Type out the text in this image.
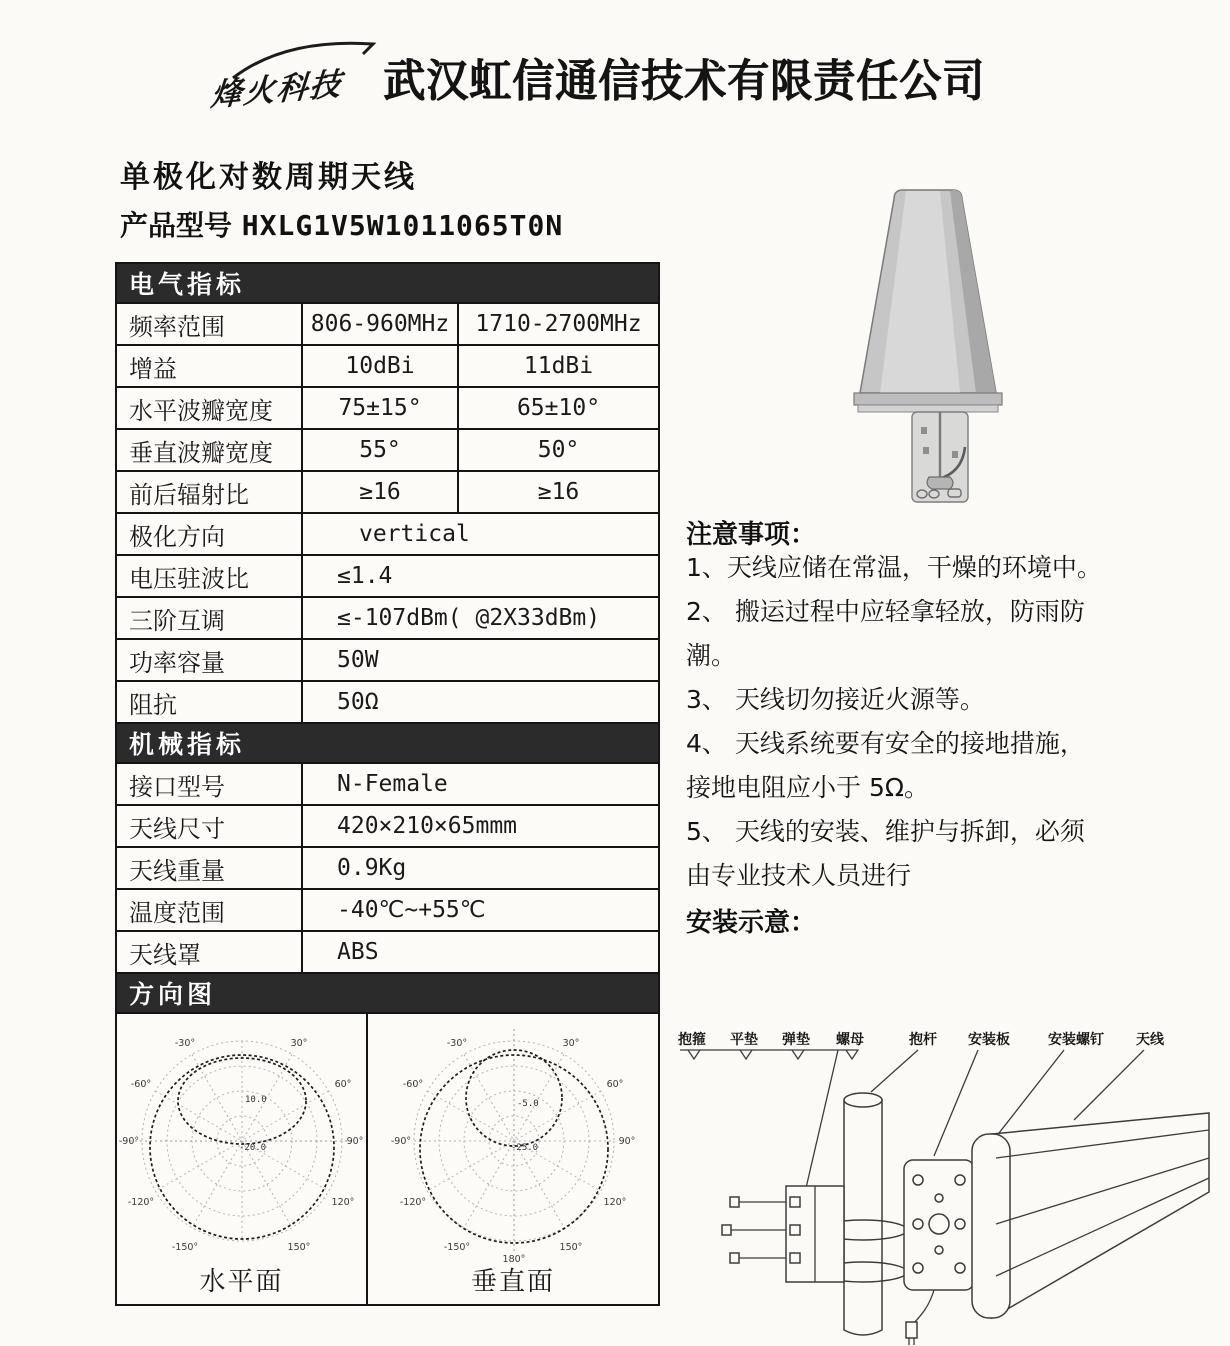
烽火科技 武汉虹信通信技术有限责任公司
单极化对数周期天线
产品型号 HXLG1V5W1011065T0N
电气指标
频率范围	806-960MHz	1710-2700MHz
增益	10dBi	11dBi
水平波瓣宽度	75±15°	65±10°
垂直波瓣宽度	55°	50°
前后辐射比	≥16	≥16
极化方向	vertical
电压驻波比	≤1.4
三阶互调	≤-107dBm( @2X33dBm)
功率容量	50W
阻抗	50Ω
机械指标
接口型号	N-Female
天线尺寸	420×210×65mmm
天线重量	0.9Kg
温度范围	-40℃~+55℃
天线罩	ABS
方向图
-30°	30°
-60°	60°
-90°	90°
-120°	120°
-150°	150°
10.0
-20.0
水平面
-30°	30°
-60°	60°
-90°	90°
-120°	120°
-150°	150°
180°
-5.0
-25.0
垂直面
注意事项：
1、天线应储在常温，干燥的环境中。
2、 搬运过程中应轻拿轻放，防雨防
潮。
3、 天线切勿接近火源等。
4、 天线系统要有安全的接地措施，
接地电阻应小于 5Ω。
5、 天线的安装、维护与拆卸，必须
由专业技术人员进行
安装示意：
抱箍 平垫 弹垫 螺母	抱杆 安装板	安装螺钉 天线
